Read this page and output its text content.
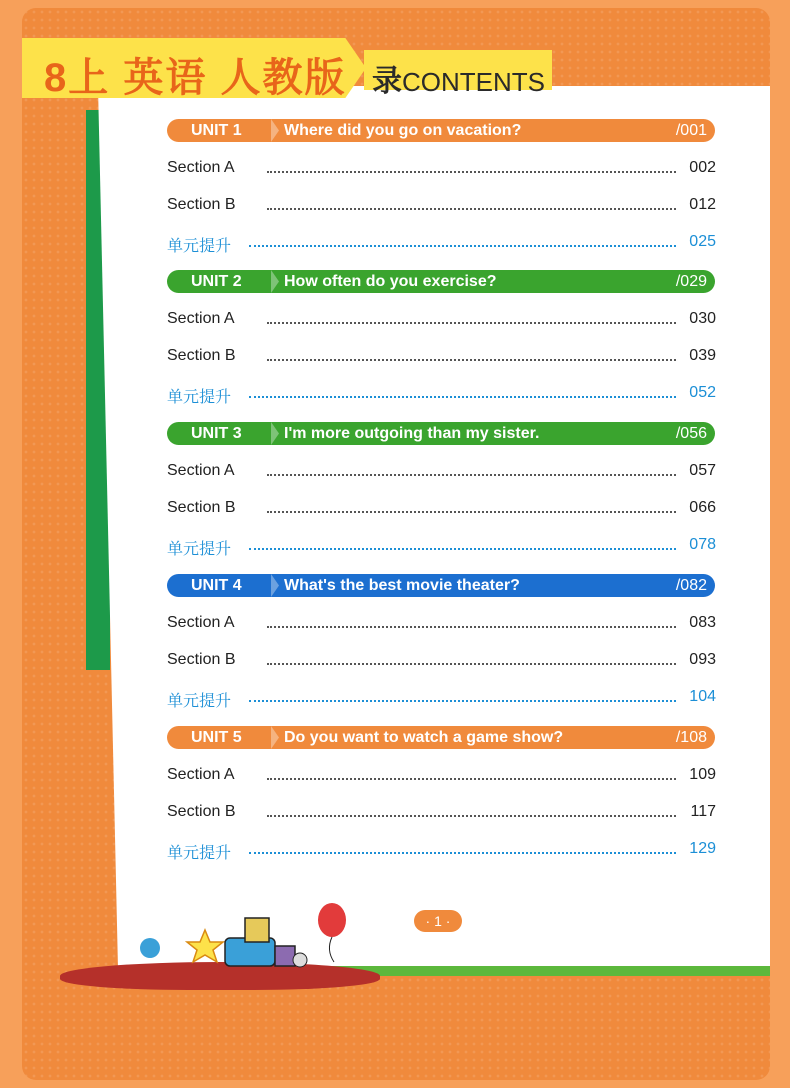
8上 英语 人教版 录CONTENTS
UNIT 1	Where did you go on vacation?	/001
Section A	002
Section B	012
单元提升	025
UNIT 2	How often do you exercise?	/029
Section A	030
Section B	039
单元提升	052
UNIT 3	I'm more outgoing than my sister.	/056
Section A	057
Section B	066
单元提升	078
UNIT 4	What's the best movie theater?	/082
Section A	083
Section B	093
单元提升	104
UNIT 5	Do you want to watch a game show?	/108
Section A	109
Section B	117
单元提升	129
· 1 ·
